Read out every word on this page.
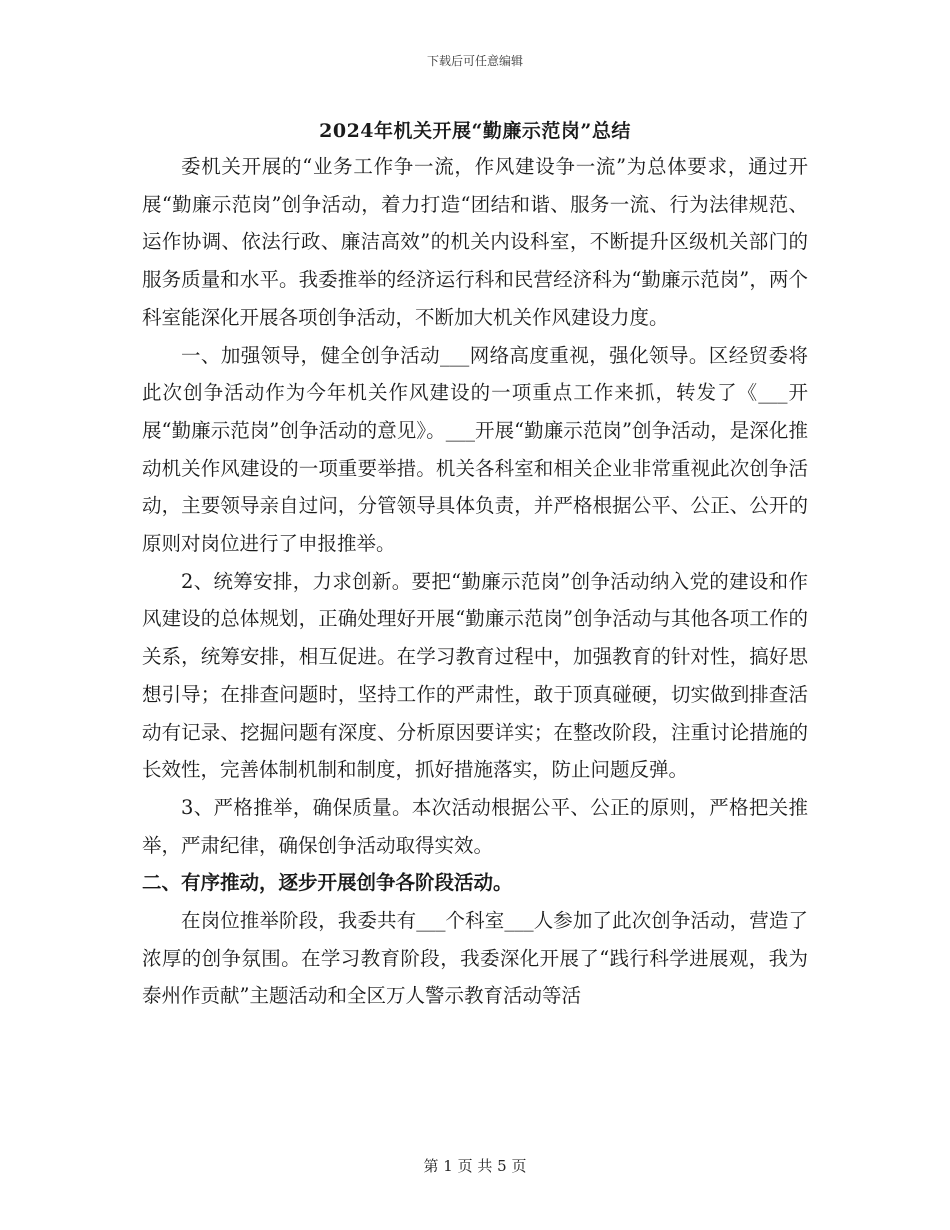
下载后可任意编辑
2024年机关开展“勤廉示范岗”总结

委机关开展的“业务工作争一流，作风建设争一流”为总体要求，通过开展“勤廉示范岗”创争活动，着力打造“团结和谐、服务一流、行为法律规范、运作协调、依法行政、廉洁高效”的机关内设科室，不断提升区级机关部门的服务质量和水平。我委推举的经济运行科和民营经济科为“勤廉示范岗”，两个科室能深化开展各项创争活动，不断加大机关作风建设力度。

一、加强领导，健全创争活动___网络高度重视，强化领导。区经贸委将此次创争活动作为今年机关作风建设的一项重点工作来抓，转发了《___开展“勤廉示范岗”创争活动的意见》。___开展“勤廉示范岗”创争活动，是深化推动机关作风建设的一项重要举措。机关各科室和相关企业非常重视此次创争活动，主要领导亲自过问，分管领导具体负责，并严格根据公平、公正、公开的原则对岗位进行了申报推举。

2、统筹安排，力求创新。要把“勤廉示范岗”创争活动纳入党的建设和作风建设的总体规划，正确处理好开展“勤廉示范岗”创争活动与其他各项工作的关系，统筹安排，相互促进。在学习教育过程中，加强教育的针对性，搞好思想引导；在排查问题时，坚持工作的严肃性，敢于顶真碰硬，切实做到排查活动有记录、挖掘问题有深度、分析原因要详实；在整改阶段，注重讨论措施的长效性，完善体制机制和制度，抓好措施落实，防止问题反弹。

3、严格推举，确保质量。本次活动根据公平、公正的原则，严格把关推举，严肃纪律，确保创争活动取得实效。

二、有序推动，逐步开展创争各阶段活动。

在岗位推举阶段，我委共有___个科室___人参加了此次创争活动，营造了浓厚的创争氛围。在学习教育阶段，我委深化开展了“践行科学进展观，我为泰州作贡献”主题活动和全区万人警示教育活动等活

第 1 页 共 5 页
